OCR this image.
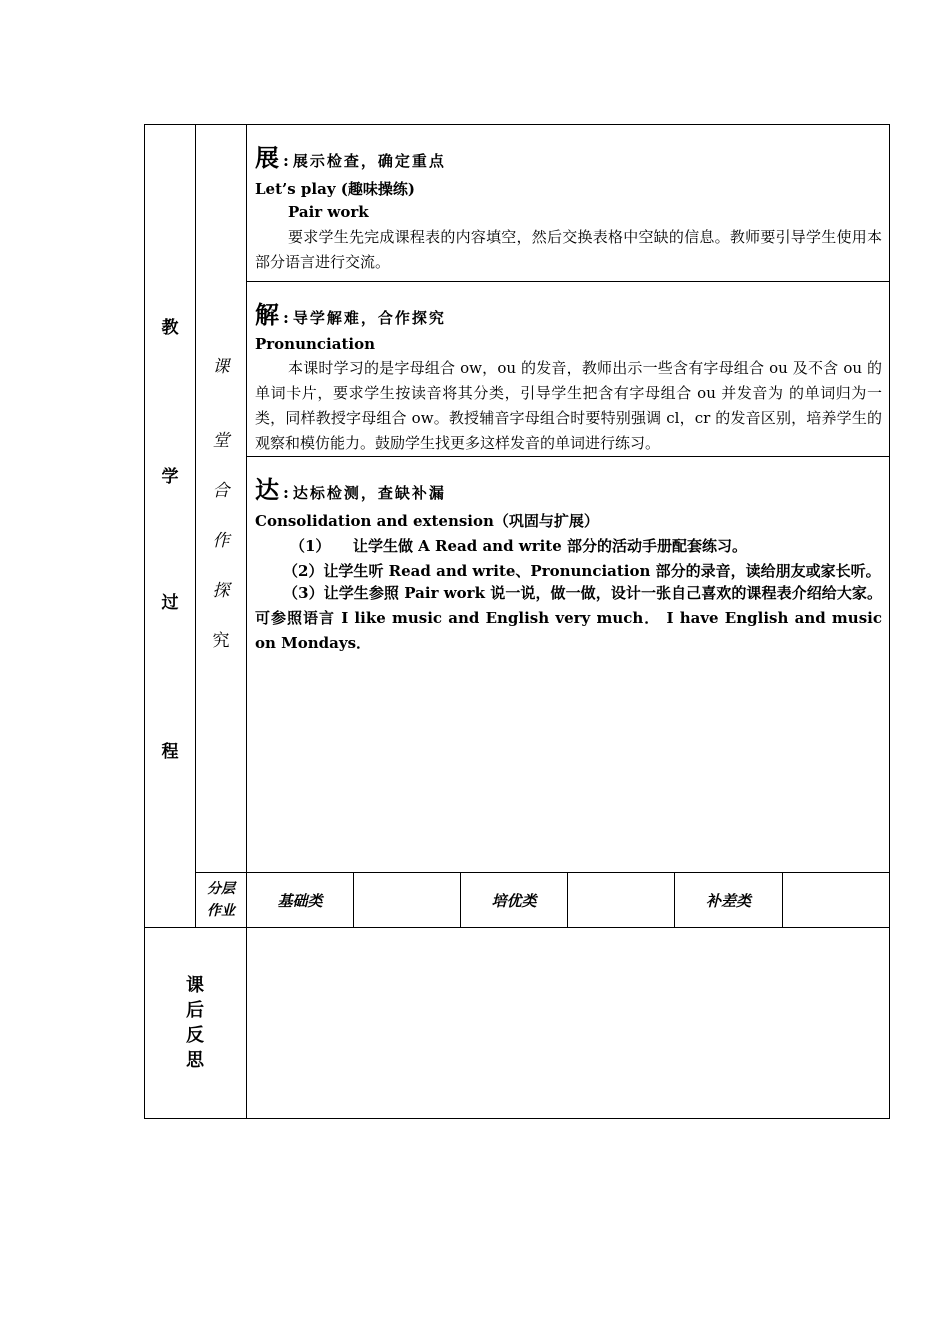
教
学
过
程
课
堂
合
作
探
究
展 : 展示检查，确定重点
Let’s play (趣味操练)
Pair work
要求学生先完成课程表的内容填空，然后交换表格中空缺的信息。教师要引导学生使用本部分语言进行交流。
解 : 导学解难，合作探究
Pronunciation
本课时学习的是字母组合 ow，ou 的发音，教师出示一些含有字母组合 ou 及不含 ou 的单词卡片，要求学生按读音将其分类，引导学生把含有字母组合 ou 并发音为 的单词归为一类，同样教授字母组合 ow。教授辅音字母组合时要特别强调 cl，cr 的发音区别，培养学生的观察和模仿能力。鼓励学生找更多这样发音的单词进行练习。
达 : 达标检测，查缺补漏
Consolidation and extension（巩固与扩展）
（1）　　让学生做 A Read and write 部分的活动手册配套练习。
（2）让学生听 Read and write、Pronunciation 部分的录音，读给朋友或家长听。
（3）让学生参照 Pair work 说一说，做一做，设计一张自己喜欢的课程表介绍给大家。可参照语言 I like music and English very much． I have English and music on Mondays．
分层
作业
基础类	培优类	补差类
课
后
反
思
